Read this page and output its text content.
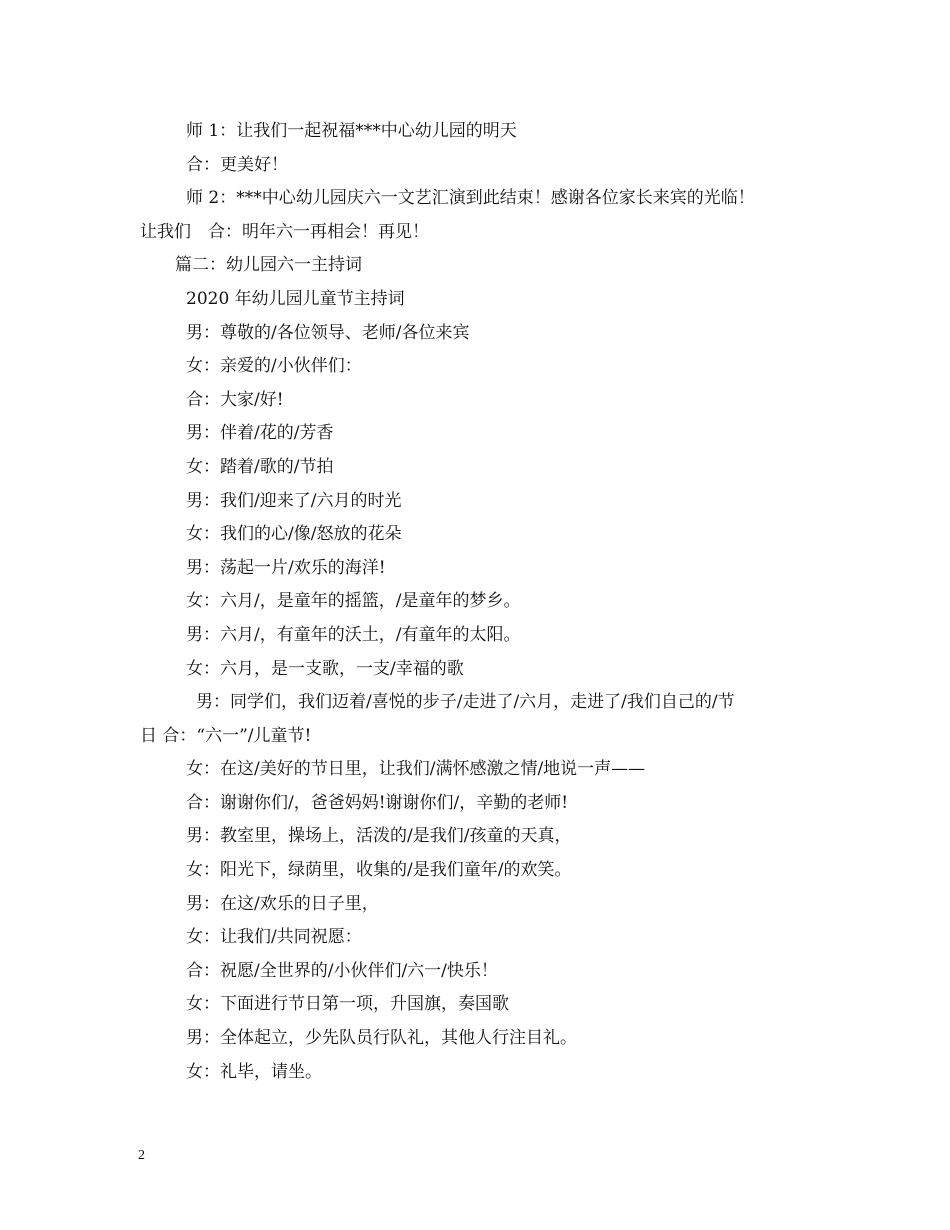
师 1：让我们一起祝福***中心幼儿园的明天
合：更美好！
师 2：***中心幼儿园庆六一文艺汇演到此结束！感谢各位家长来宾的光临！
让我们　合：明年六一再相会！再见！
篇二：幼儿园六一主持词
2020 年幼儿园儿童节主持词
男：尊敬的/各位领导、老师/各位来宾
女：亲爱的/小伙伴们：
合：大家/好!
男：伴着/花的/芳香
女：踏着/歌的/节拍
男：我们/迎来了/六月的时光
女：我们的心/像/怒放的花朵
男：荡起一片/欢乐的海洋!
女：六月/，是童年的摇篮，/是童年的梦乡。
男：六月/，有童年的沃土，/有童年的太阳。
女：六月，是一支歌，一支/幸福的歌
男：同学们，我们迈着/喜悦的步子/走进了/六月，走进了/我们自己的/节
日 合：“六一”/儿童节!
女：在这/美好的节日里，让我们/满怀感激之情/地说一声——
合：谢谢你们/，爸爸妈妈!谢谢你们/，辛勤的老师!
男：教室里，操场上，活泼的/是我们/孩童的天真，
女：阳光下，绿荫里，收集的/是我们童年/的欢笑。
男：在这/欢乐的日子里，
女：让我们/共同祝愿：
合：祝愿/全世界的/小伙伴们/六一/快乐！
女：下面进行节日第一项，升国旗，奏国歌
男：全体起立，少先队员行队礼，其他人行注目礼。
女：礼毕，请坐。
2
